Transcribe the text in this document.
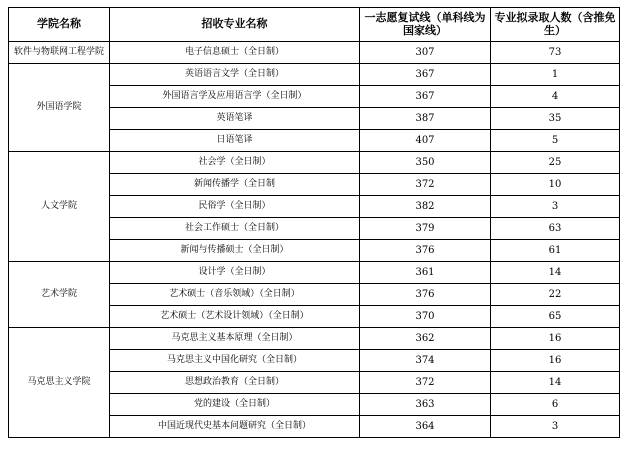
学院名称	招收专业名称	一志愿复试线（单科线为国家线）	专业拟录取人数（含推免生）
软件与物联网工程学院	电子信息硕士（全日制）	307	73
外国语学院	英语语言文学（全日制）	367	1
	外国语言学及应用语言学（全日制）	367	4
	英语笔译	387	35
	日语笔译	407	5
人文学院	社会学（全日制）	350	25
	新闻传播学（全日制	372	10
	民俗学（全日制）	382	3
	社会工作硕士（全日制）	379	63
	新闻与传播硕士（全日制）	376	61
艺术学院	设计学（全日制）	361	14
	艺术硕士（音乐领域）（全日制）	376	22
	艺术硕士（艺术设计领域）（全日制）	370	65
马克思主义学院	马克思主义基本原理（全日制）	362	16
	马克思主义中国化研究（全日制）	374	16
	思想政治教育（全日制）	372	14
	党的建设（全日制）	363	6
	中国近现代史基本问题研究（全日制）	364	3
